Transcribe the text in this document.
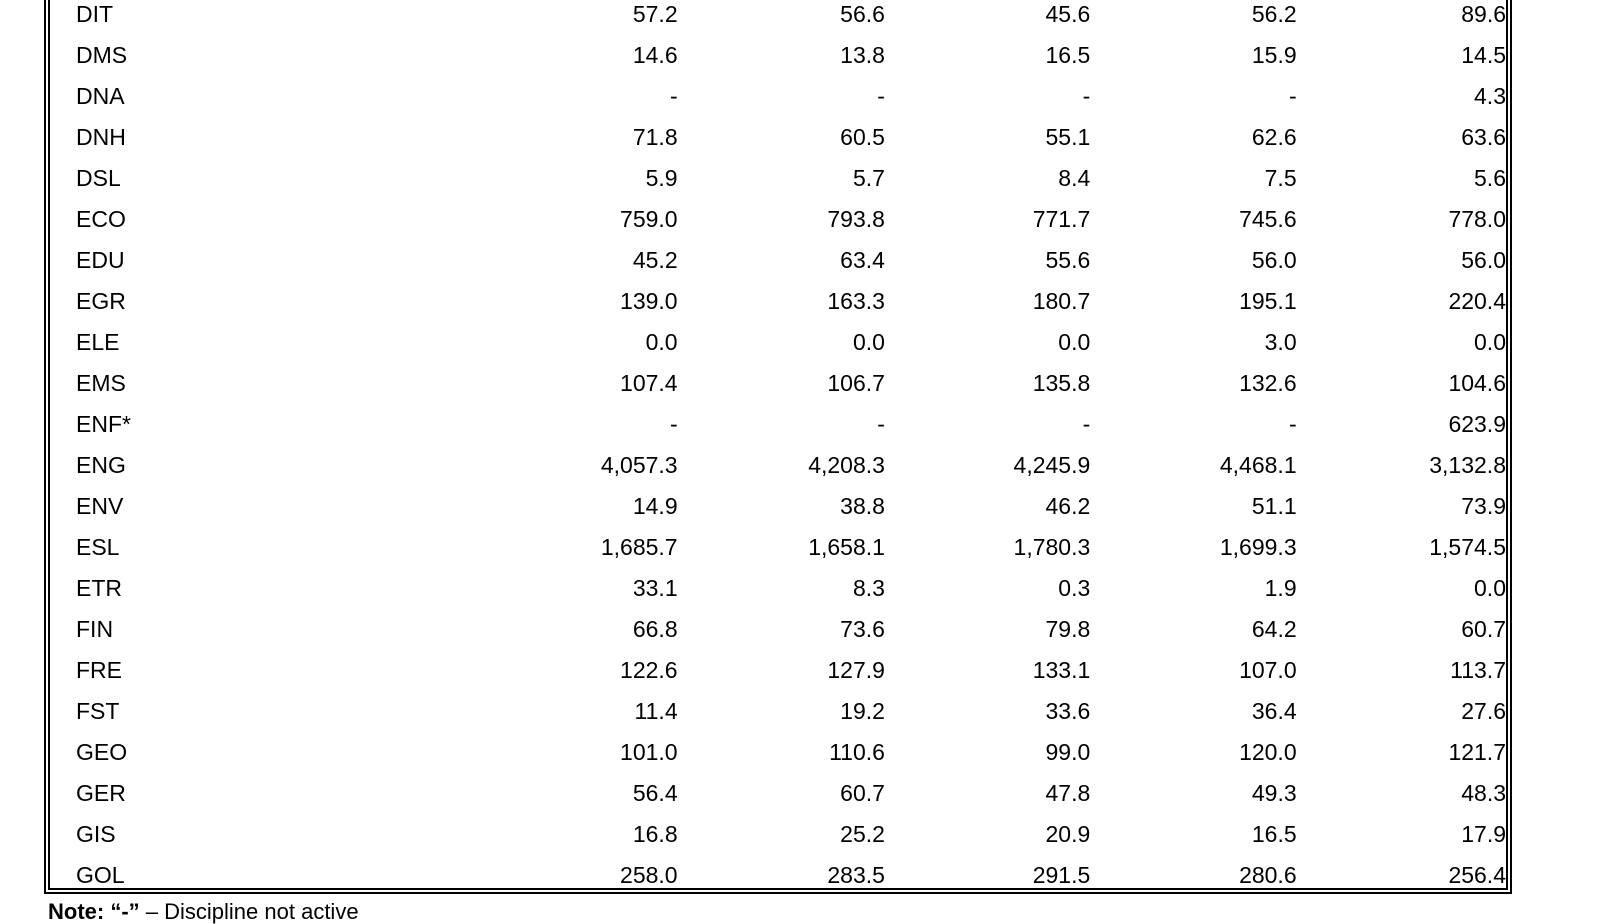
DIT	57.2	56.6	45.6	56.2	89.6	
DMS	14.6	13.8	16.5	15.9	14.5	
DNA	-	-	-	-	4.3	
DNH	71.8	60.5	55.1	62.6	63.6	
DSL	5.9	5.7	8.4	7.5	5.6	
ECO	759.0	793.8	771.7	745.6	778.0	
EDU	45.2	63.4	55.6	56.0	56.0	
EGR	139.0	163.3	180.7	195.1	220.4	
ELE	0.0	0.0	0.0	3.0	0.0	
EMS	107.4	106.7	135.8	132.6	104.6	
ENF*	-	-	-	-	623.9	
ENG	4,057.3	4,208.3	4,245.9	4,468.1	3,132.8	
ENV	14.9	38.8	46.2	51.1	73.9	
ESL	1,685.7	1,658.1	1,780.3	1,699.3	1,574.5	
ETR	33.1	8.3	0.3	1.9	0.0	
FIN	66.8	73.6	79.8	64.2	60.7	
FRE	122.6	127.9	133.1	107.0	113.7	
FST	11.4	19.2	33.6	36.4	27.6	
GEO	101.0	110.6	99.0	120.0	121.7	
GER	56.4	60.7	47.8	49.3	48.3	
GIS	16.8	25.2	20.9	16.5	17.9	
GOL	258.0	283.5	291.5	280.6	256.4	
Note: “-” – Discipline not active
